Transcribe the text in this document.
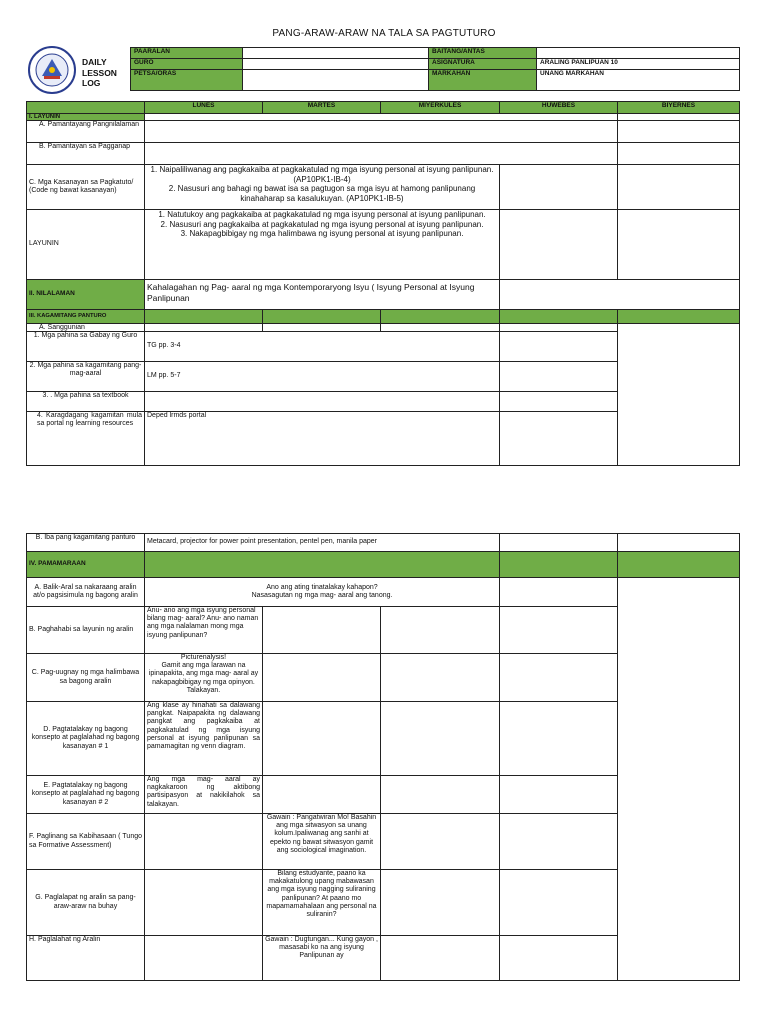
PANG-ARAW-ARAW NA TALA SA PAGTUTURO
DAILY
LESSON
LOG
PAARALAN		BAITANG/ANTAS	
GURO		ASIGNATURA	ARALING PANLIPUAN 10
PETSA/ORAS		MARKAHAN	UNANG MARKAHAN
	LUNES	MARTES	MIYERKULES	HUWEBES	BIYERNES
I. LAYUNIN					
A. Pamantayang Pangnilalaman					
B. Pamantayan sa Pagganap					
C. Mga Kasanayan sa Pagkatuto/ (Code ng bawat kasanayan)	1. Naipaliliwanag ang pagkakaiba at pagkakatulad ng mga isyung personal at isyung panlipunan. (AP10PK1-IB-4)
2. Nasusuri ang bahagi ng bawat isa sa pagtugon sa mga isyu at hamong panlipunang kinahaharap sa kasalukuyan. (AP10PK1-IB-5)				

LAYUNIN	1. Natutukoy ang pagkakaiba at pagkakatulad ng mga isyung personal at isyung panlipunan.
2. Nasusuri ang pagkakaiba at pagkakatulad ng mga isyung personal at isyung panlipunan.
3. Nakapagbibigay ng mga halimbawa ng isyung personal at isyung panlipunan.				

II. NILALAMAN	Kahalagahan ng Pag- aaral ng mga Kontemporaryong Isyu ( Isyung Personal at Isyung Panlipunan				
III. KAGAMITANG PANTURO					
A. Sanggunian					
1. Mga pahina sa Gabay ng Guro	TG pp. 3-4				
2. Mga pahina sa kagamitang pang- mag-aaral	LM pp. 5-7				
3. . Mga pahina sa textbook					
4. Karagdagang kagamitan mula sa portal ng learning resources	Deped lrmds portal				
B. Iba pang kagamitang panturo	Metacard, projector for power point presentation, pentel pen, manila paper				
IV. PAMAMARAAN					
A. Balik-Aral sa nakaraang aralin at/o pagsisimula ng bagong aralin	Ano ang ating tinatalakay kahapon?
Nasasagutan ng mga mag- aaral ang tanong.				

B. Paghahabi sa layunin ng aralin	Anu- ano ang mga isyung personal bilang mag- aaral? Anu- ano naman ang mga nalalaman mong mga isyung panlipunan?				
C. Pag-uugnay ng mga halimbawa sa bagong aralin	Picturenalysis!
Gamit ang mga larawan na ipinapakita, ang mga mag- aaral ay nakapagbibigay ng mga opinyon. Talakayan.				

D. Pagtatalakay ng bagong konsepto at paglalahad ng bagong kasanayan # 1	Ang klase ay hinahati sa dalawang pangkat. Naipapakita ng dalawang pangkat ang pagkakaiba at pagkakatulad ng mga isyung personal at isyung panlipunan sa pamamagitan ng venn diagram.				
E. Pagtatalakay ng bagong konsepto at paglalahad ng bagong kasanayan # 2	Ang mga mag- aaral ay nagkakaroon ng aktibong partisipasyon at nakikilahok sa talakayan.				
F. Paglinang sa Kabihasaan ( Tungo sa Formative Assessment)		Gawain : Pangatwiran Mo! Basahin ang mga sitwasyon sa unang kolum.Ipaliwanag ang sanhi at epekto ng bawat sitwasyon gamit ang sociological imagination.			
G. Paglalapat ng aralin sa pang-araw-araw na buhay		Bilang estudyante, paano ka makakatulong upang mabawasan ang mga isyung nagging suliraning panlipunan? At paano mo mapamamahalaan ang personal na suliranin?			
H. Paglalahat ng Aralin		Gawain : Dugtungan... Kung gayon , masasabi ko na ang isyung Panlipunan ay			
